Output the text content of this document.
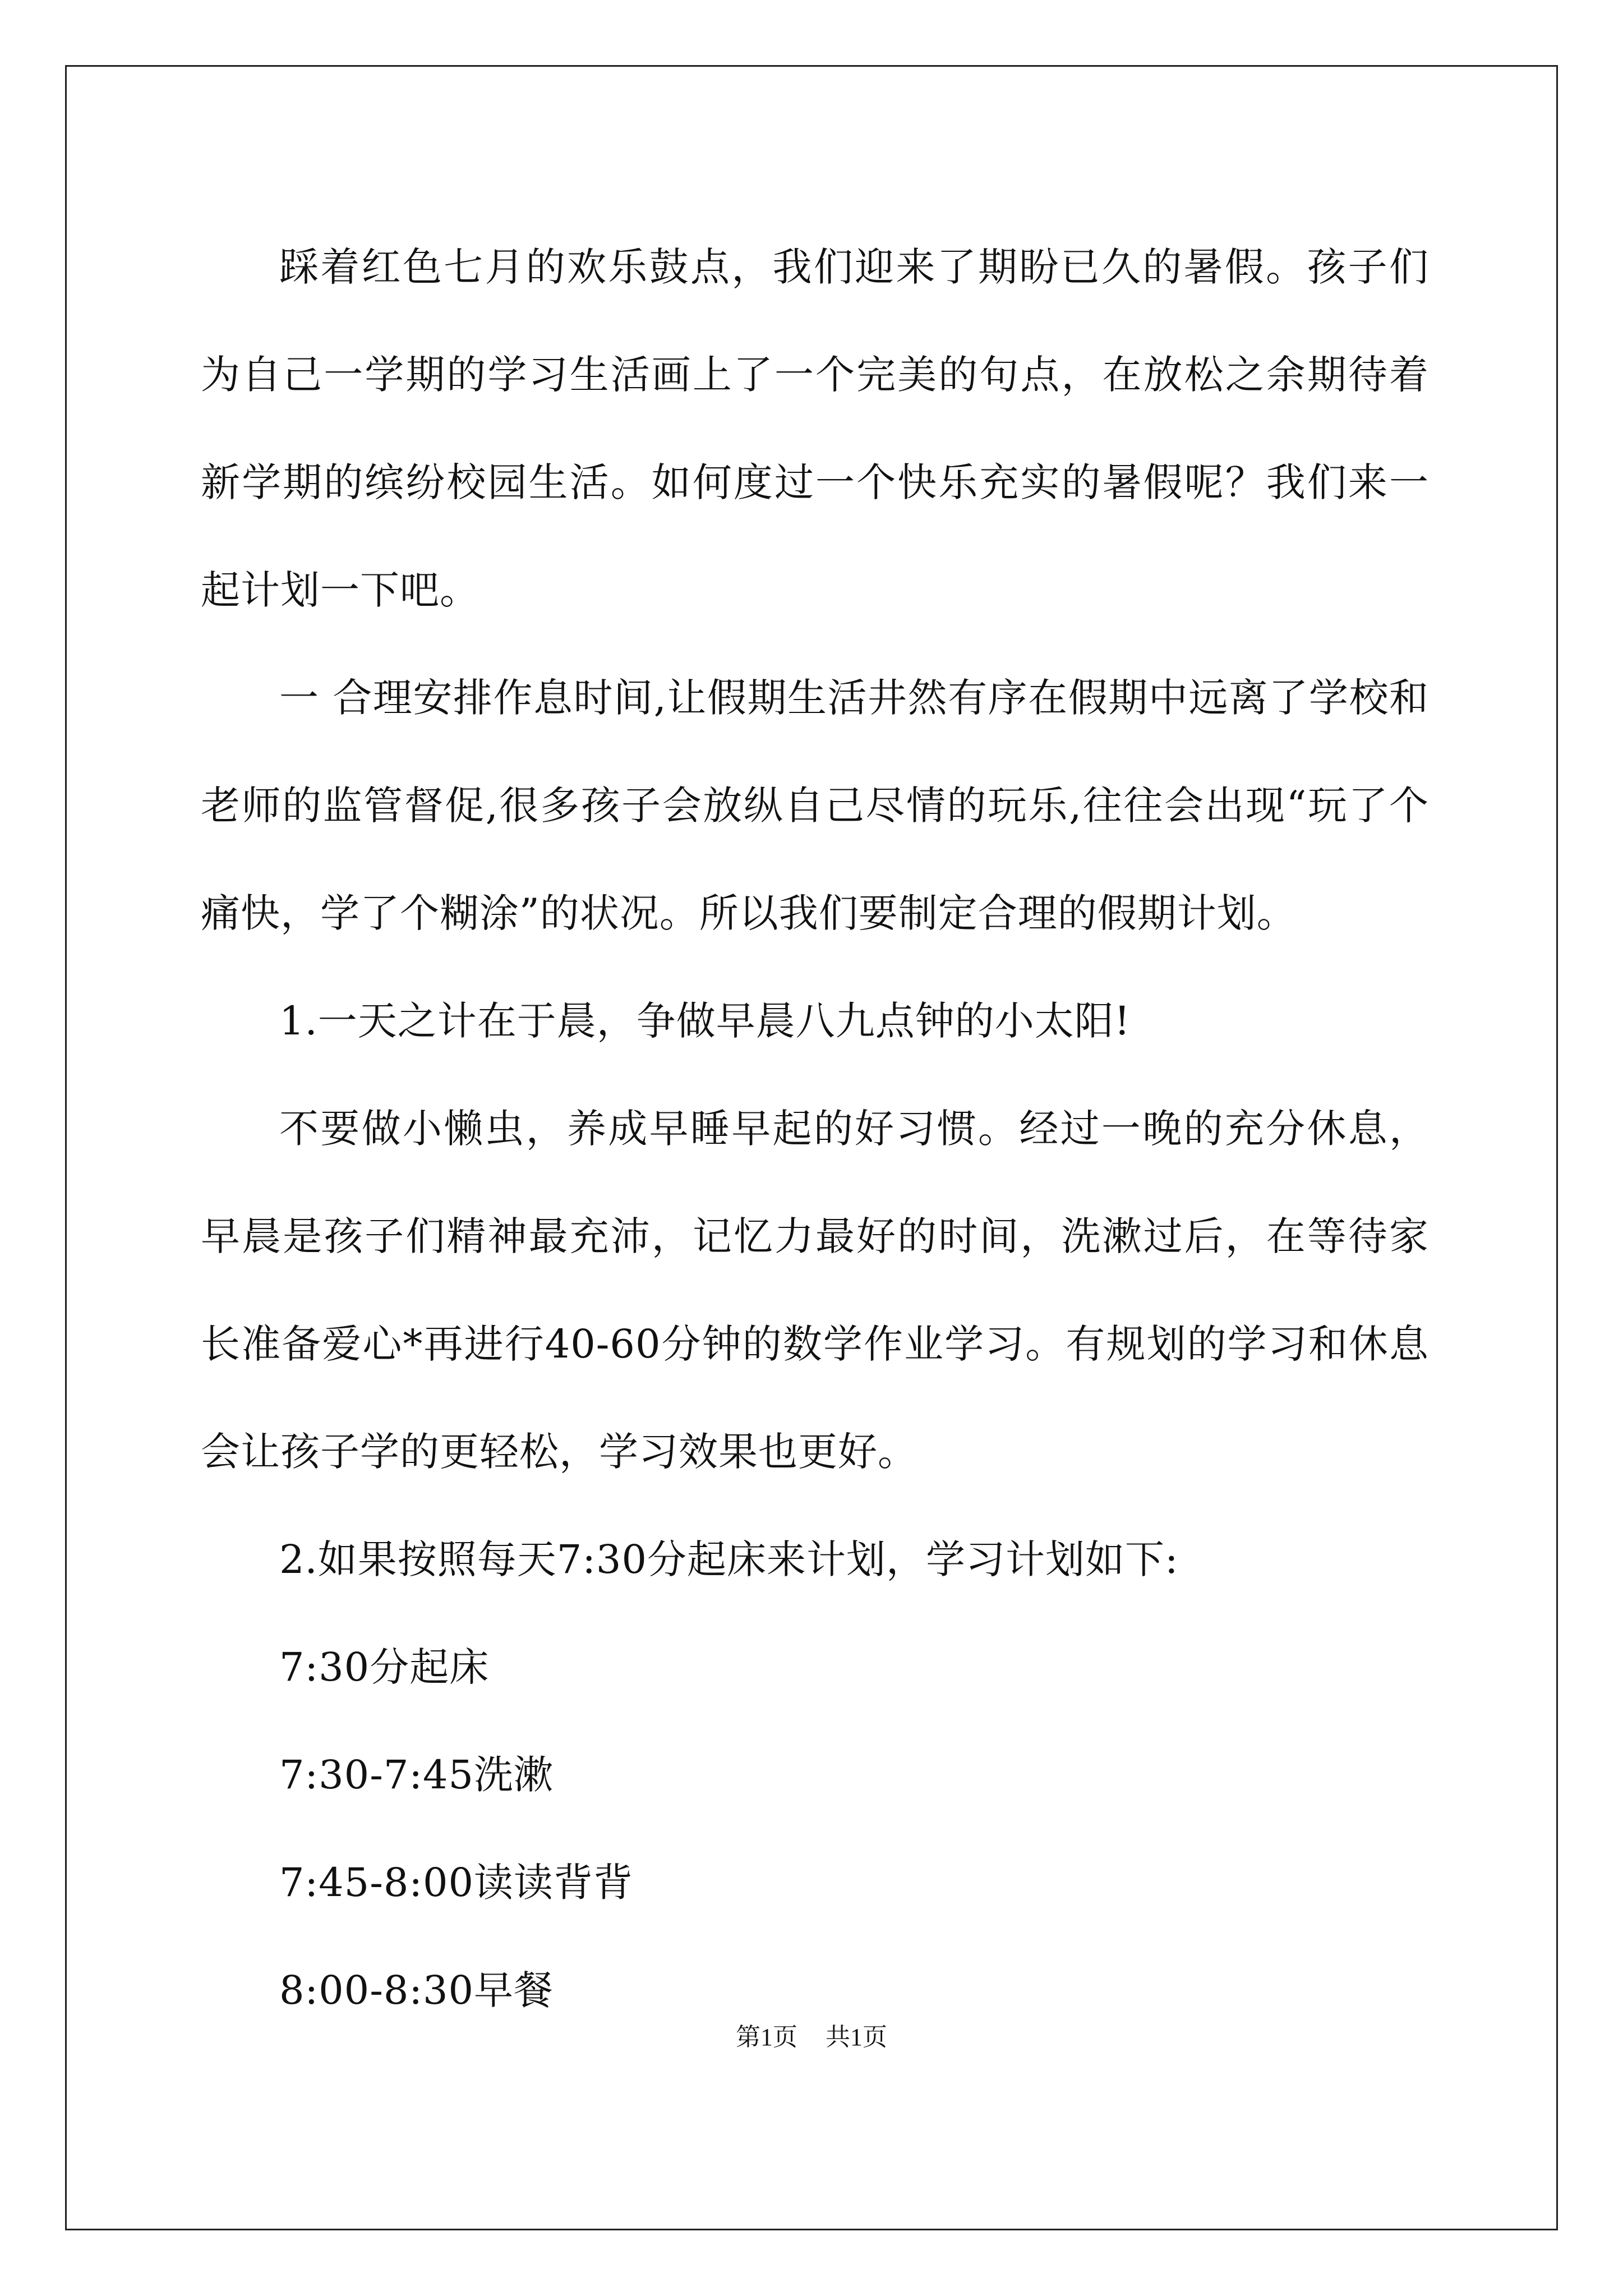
踩着红色七月的欢乐鼓点，我们迎来了期盼已久的暑假。孩子们为自己一学期的学习生活画上了一个完美的句点，在放松之余期待着新学期的缤纷校园生活。如何度过一个快乐充实的暑假呢？我们来一起计划一下吧。

一 合理安排作息时间,让假期生活井然有序在假期中远离了学校和老师的监管督促,很多孩子会放纵自己尽情的玩乐,往往会出现“玩了个痛快，学了个糊涂”的状况。所以我们要制定合理的假期计划。

1.一天之计在于晨，争做早晨八九点钟的小太阳!

不要做小懒虫，养成早睡早起的好习惯。经过一晚的充分休息，早晨是孩子们精神最充沛，记忆力最好的时间，洗漱过后，在等待家长准备爱心*再进行40-60分钟的数学作业学习。有规划的学习和休息会让孩子学的更轻松，学习效果也更好。

2.如果按照每天7:30分起床来计划，学习计划如下:

7:30分起床

7:30-7:45洗漱

7:45-8:00读读背背

8:00-8:30早餐

第1页 共1页
